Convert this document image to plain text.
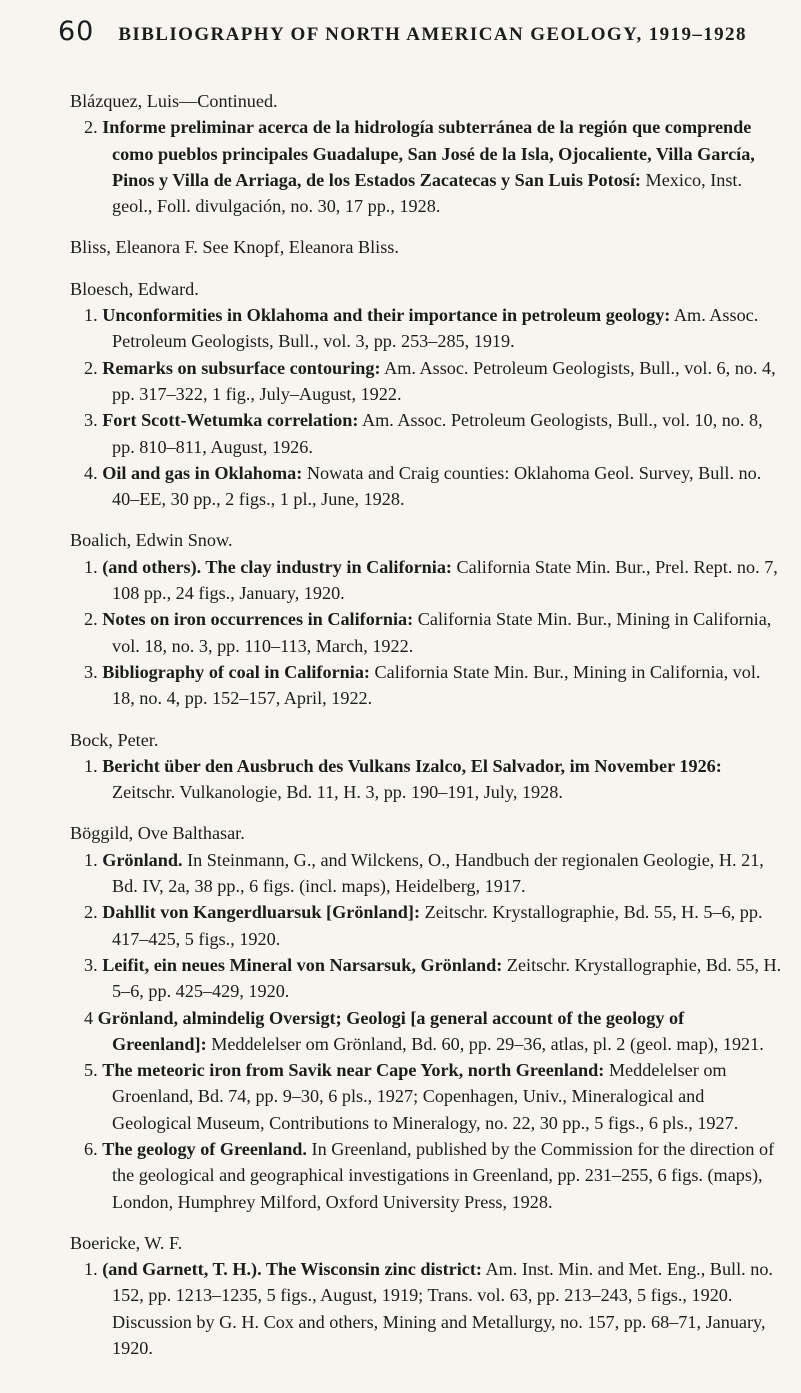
60 BIBLIOGRAPHY OF NORTH AMERICAN GEOLOGY, 1919–1928
Blázquez, Luis—Continued.
2. Informe preliminar acerca de la hidrología subterránea de la región que comprende como pueblos principales Guadalupe, San José de la Isla, Ojocaliente, Villa García, Pinos y Villa de Arriaga, de los Estados Zacatecas y San Luis Potosí: Mexico, Inst. geol., Foll. divulgación, no. 30, 17 pp., 1928.
Bliss, Eleanora F. See Knopf, Eleanora Bliss.
Bloesch, Edward.
1. Unconformities in Oklahoma and their importance in petroleum geology: Am. Assoc. Petroleum Geologists, Bull., vol. 3, pp. 253–285, 1919.
2. Remarks on subsurface contouring: Am. Assoc. Petroleum Geologists, Bull., vol. 6, no. 4, pp. 317–322, 1 fig., July–August, 1922.
3. Fort Scott-Wetumka correlation: Am. Assoc. Petroleum Geologists, Bull., vol. 10, no. 8, pp. 810–811, August, 1926.
4. Oil and gas in Oklahoma: Nowata and Craig counties: Oklahoma Geol. Survey, Bull. no. 40–EE, 30 pp., 2 figs., 1 pl., June, 1928.
Boalich, Edwin Snow.
1. (and others). The clay industry in California: California State Min. Bur., Prel. Rept. no. 7, 108 pp., 24 figs., January, 1920.
2. Notes on iron occurrences in California: California State Min. Bur., Mining in California, vol. 18, no. 3, pp. 110–113, March, 1922.
3. Bibliography of coal in California: California State Min. Bur., Mining in California, vol. 18, no. 4, pp. 152–157, April, 1922.
Bock, Peter.
1. Bericht über den Ausbruch des Vulkans Izalco, El Salvador, im November 1926: Zeitschr. Vulkanologie, Bd. 11, H. 3, pp. 190–191, July, 1928.
Böggild, Ove Balthasar.
1. Grönland. In Steinmann, G., and Wilckens, O., Handbuch der regionalen Geologie, H. 21, Bd. IV, 2a, 38 pp., 6 figs. (incl. maps), Heidelberg, 1917.
2. Dahllit von Kangerdluarsuk [Grönland]: Zeitschr. Krystallographie, Bd. 55, H. 5–6, pp. 417–425, 5 figs., 1920.
3. Leifit, ein neues Mineral von Narsarsuk, Grönland: Zeitschr. Krystallographie, Bd. 55, H. 5–6, pp. 425–429, 1920.
4 Grönland, almindelig Oversigt; Geologi [a general account of the geology of Greenland]: Meddelelser om Grönland, Bd. 60, pp. 29–36, atlas, pl. 2 (geol. map), 1921.
5. The meteoric iron from Savik near Cape York, north Greenland: Meddelelser om Groenland, Bd. 74, pp. 9–30, 6 pls., 1927; Copenhagen, Univ., Mineralogical and Geological Museum, Contributions to Mineralogy, no. 22, 30 pp., 5 figs., 6 pls., 1927.
6. The geology of Greenland. In Greenland, published by the Commission for the direction of the geological and geographical investigations in Greenland, pp. 231–255, 6 figs. (maps), London, Humphrey Milford, Oxford University Press, 1928.
Boericke, W. F.
1. (and Garnett, T. H.). The Wisconsin zinc district: Am. Inst. Min. and Met. Eng., Bull. no. 152, pp. 1213–1235, 5 figs., August, 1919; Trans. vol. 63, pp. 213–243, 5 figs., 1920. Discussion by G. H. Cox and others, Mining and Metallurgy, no. 157, pp. 68–71, January, 1920.
